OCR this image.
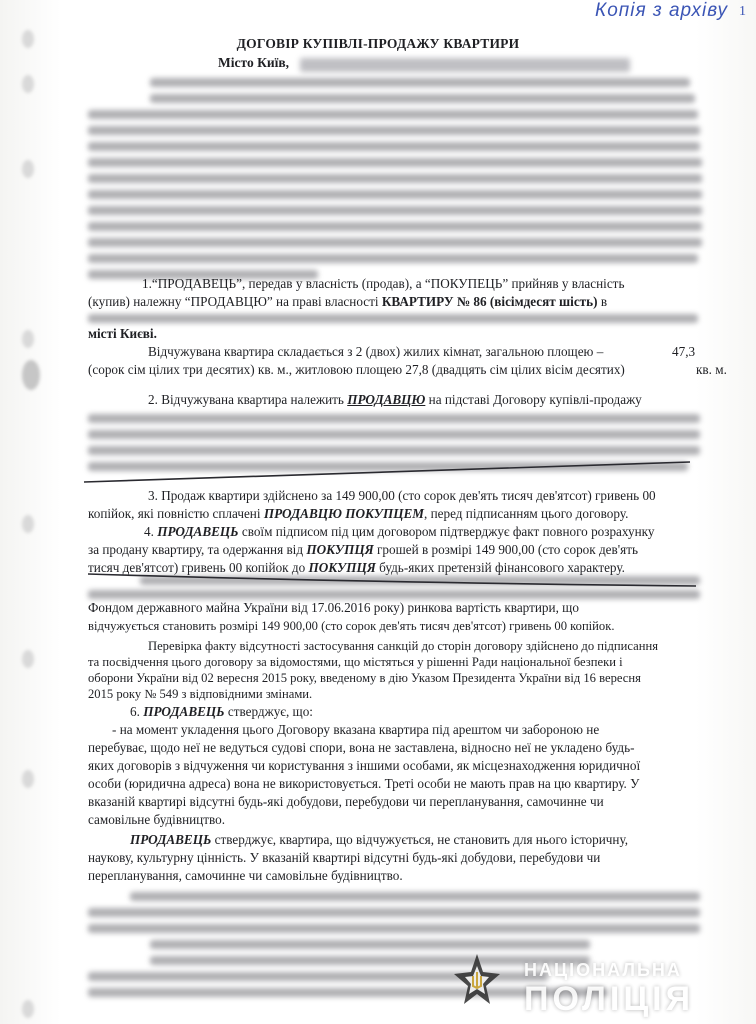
Копія з архіву 1
ДОГОВІР КУПІВЛІ-ПРОДАЖУ КВАРТИРИ
Місто Київ,
1.“ПРОДАВЕЦЬ”, передав у власність (продав), а “ПОКУПЕЦЬ” прийняв у власність
(купив) належну “ПРОДАВЦЮ” на праві власності КВАРТИРУ № 86 (вісімдесят шість) в
місті Києві.
Відчужувана квартира складається з 2 (двох) жилих кімнат, загальною площею –	47,3
(сорок сім цілих три десятих) кв. м., житловою площею 27,8 (двадцять сім цілих вісім десятих)	кв. м.
2. Відчужувана квартира належить ПРОДАВЦЮ на підставі Договору купівлі-продажу
3. Продаж квартири здійснено за 149 900,00 (сто сорок дев'ять тисяч дев'ятсот) гривень 00
копійок, які повністю сплачені ПРОДАВЦЮ ПОКУПЦЕМ, перед підписанням цього договору.
4. ПРОДАВЕЦЬ своїм підписом під цим договором підтверджує факт повного розрахунку
за продану квартиру, та одержання від ПОКУПЦЯ грошей в розмірі 149 900,00 (сто сорок дев'ять
тисяч дев'ятсот) гривень 00 копійок до ПОКУПЦЯ будь-яких претензій фінансового характеру.
Фондом державного майна України від 17.06.2016 року) ринкова вартість квартири, що
відчужується становить розмірі 149 900,00 (сто сорок дев'ять тисяч дев'ятсот) гривень 00 копійок.
Перевірка факту відсутності застосування санкцій до сторін договору здійснено до підписання
та посвідчення цього договору за відомостями, що містяться у рішенні Ради національної безпеки і
оборони України від 02 вересня 2015 року, введеному в дію Указом Президента України від 16 вересня
2015 року № 549 з відповідними змінами.
6. ПРОДАВЕЦЬ стверджує, що:
- на момент укладення цього Договору вказана квартира під арештом чи забороною не
перебуває, щодо неї не ведуться судові спори, вона не заставлена, відносно неї не укладено будь-
яких договорів з відчуження чи користування з іншими особами, як місцезнаходження юридичної
особи (юридична адреса) вона не використовується. Треті особи не мають прав на цю квартиру. У
вказаній квартирі відсутні будь-які добудови, перебудови чи перепланування, самочинне чи
самовільне будівництво.
ПРОДАВЕЦЬ стверджує, квартира, що відчужується, не становить для нього історичну,
наукову, культурну цінність. У вказаній квартирі відсутні будь-які добудови, перебудови чи
перепланування, самочинне чи самовільне будівництво.
НАЦІОНАЛЬНА
ПОЛІЦІЯ
